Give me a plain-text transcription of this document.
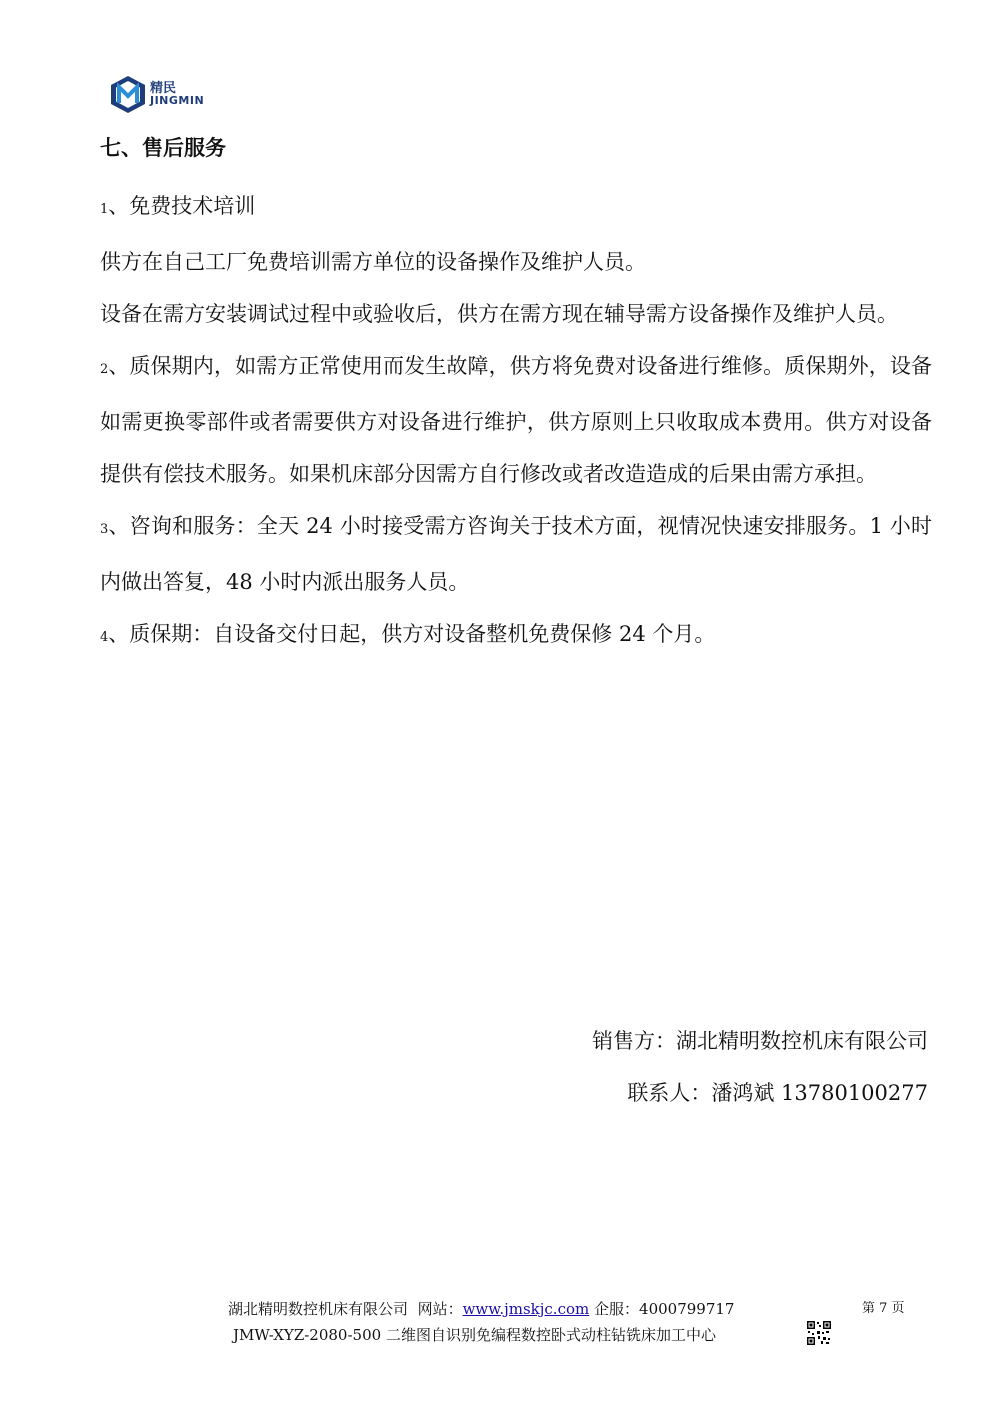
精民
JINGMIN
七、售后服务

1、免费技术培训

供方在自己工厂免费培训需方单位的设备操作及维护人员。

设备在需方安装调试过程中或验收后，供方在需方现在辅导需方设备操作及维护人员。

2、质保期内，如需方正常使用而发生故障，供方将免费对设备进行维修。质保期外，设备如需更换零部件或者需要供方对设备进行维护，供方原则上只收取成本费用。供方对设备提供有偿技术服务。如果机床部分因需方自行修改或者改造造成的后果由需方承担。

3、咨询和服务：全天 24 小时接受需方咨询关于技术方面，视情况快速安排服务。1 小时内做出答复，48 小时内派出服务人员。

4、质保期：自设备交付日起，供方对设备整机免费保修 24 个月。

销售方：湖北精明数控机床有限公司
联系人：潘鸿斌 13780100277
湖北精明数控机床有限公司 网站：www.jmskjc.com 企服：4000799717	第 7 页
JMW-XYZ-2080-500 二维图自识别免编程数控卧式动柱钻铣床加工中心
